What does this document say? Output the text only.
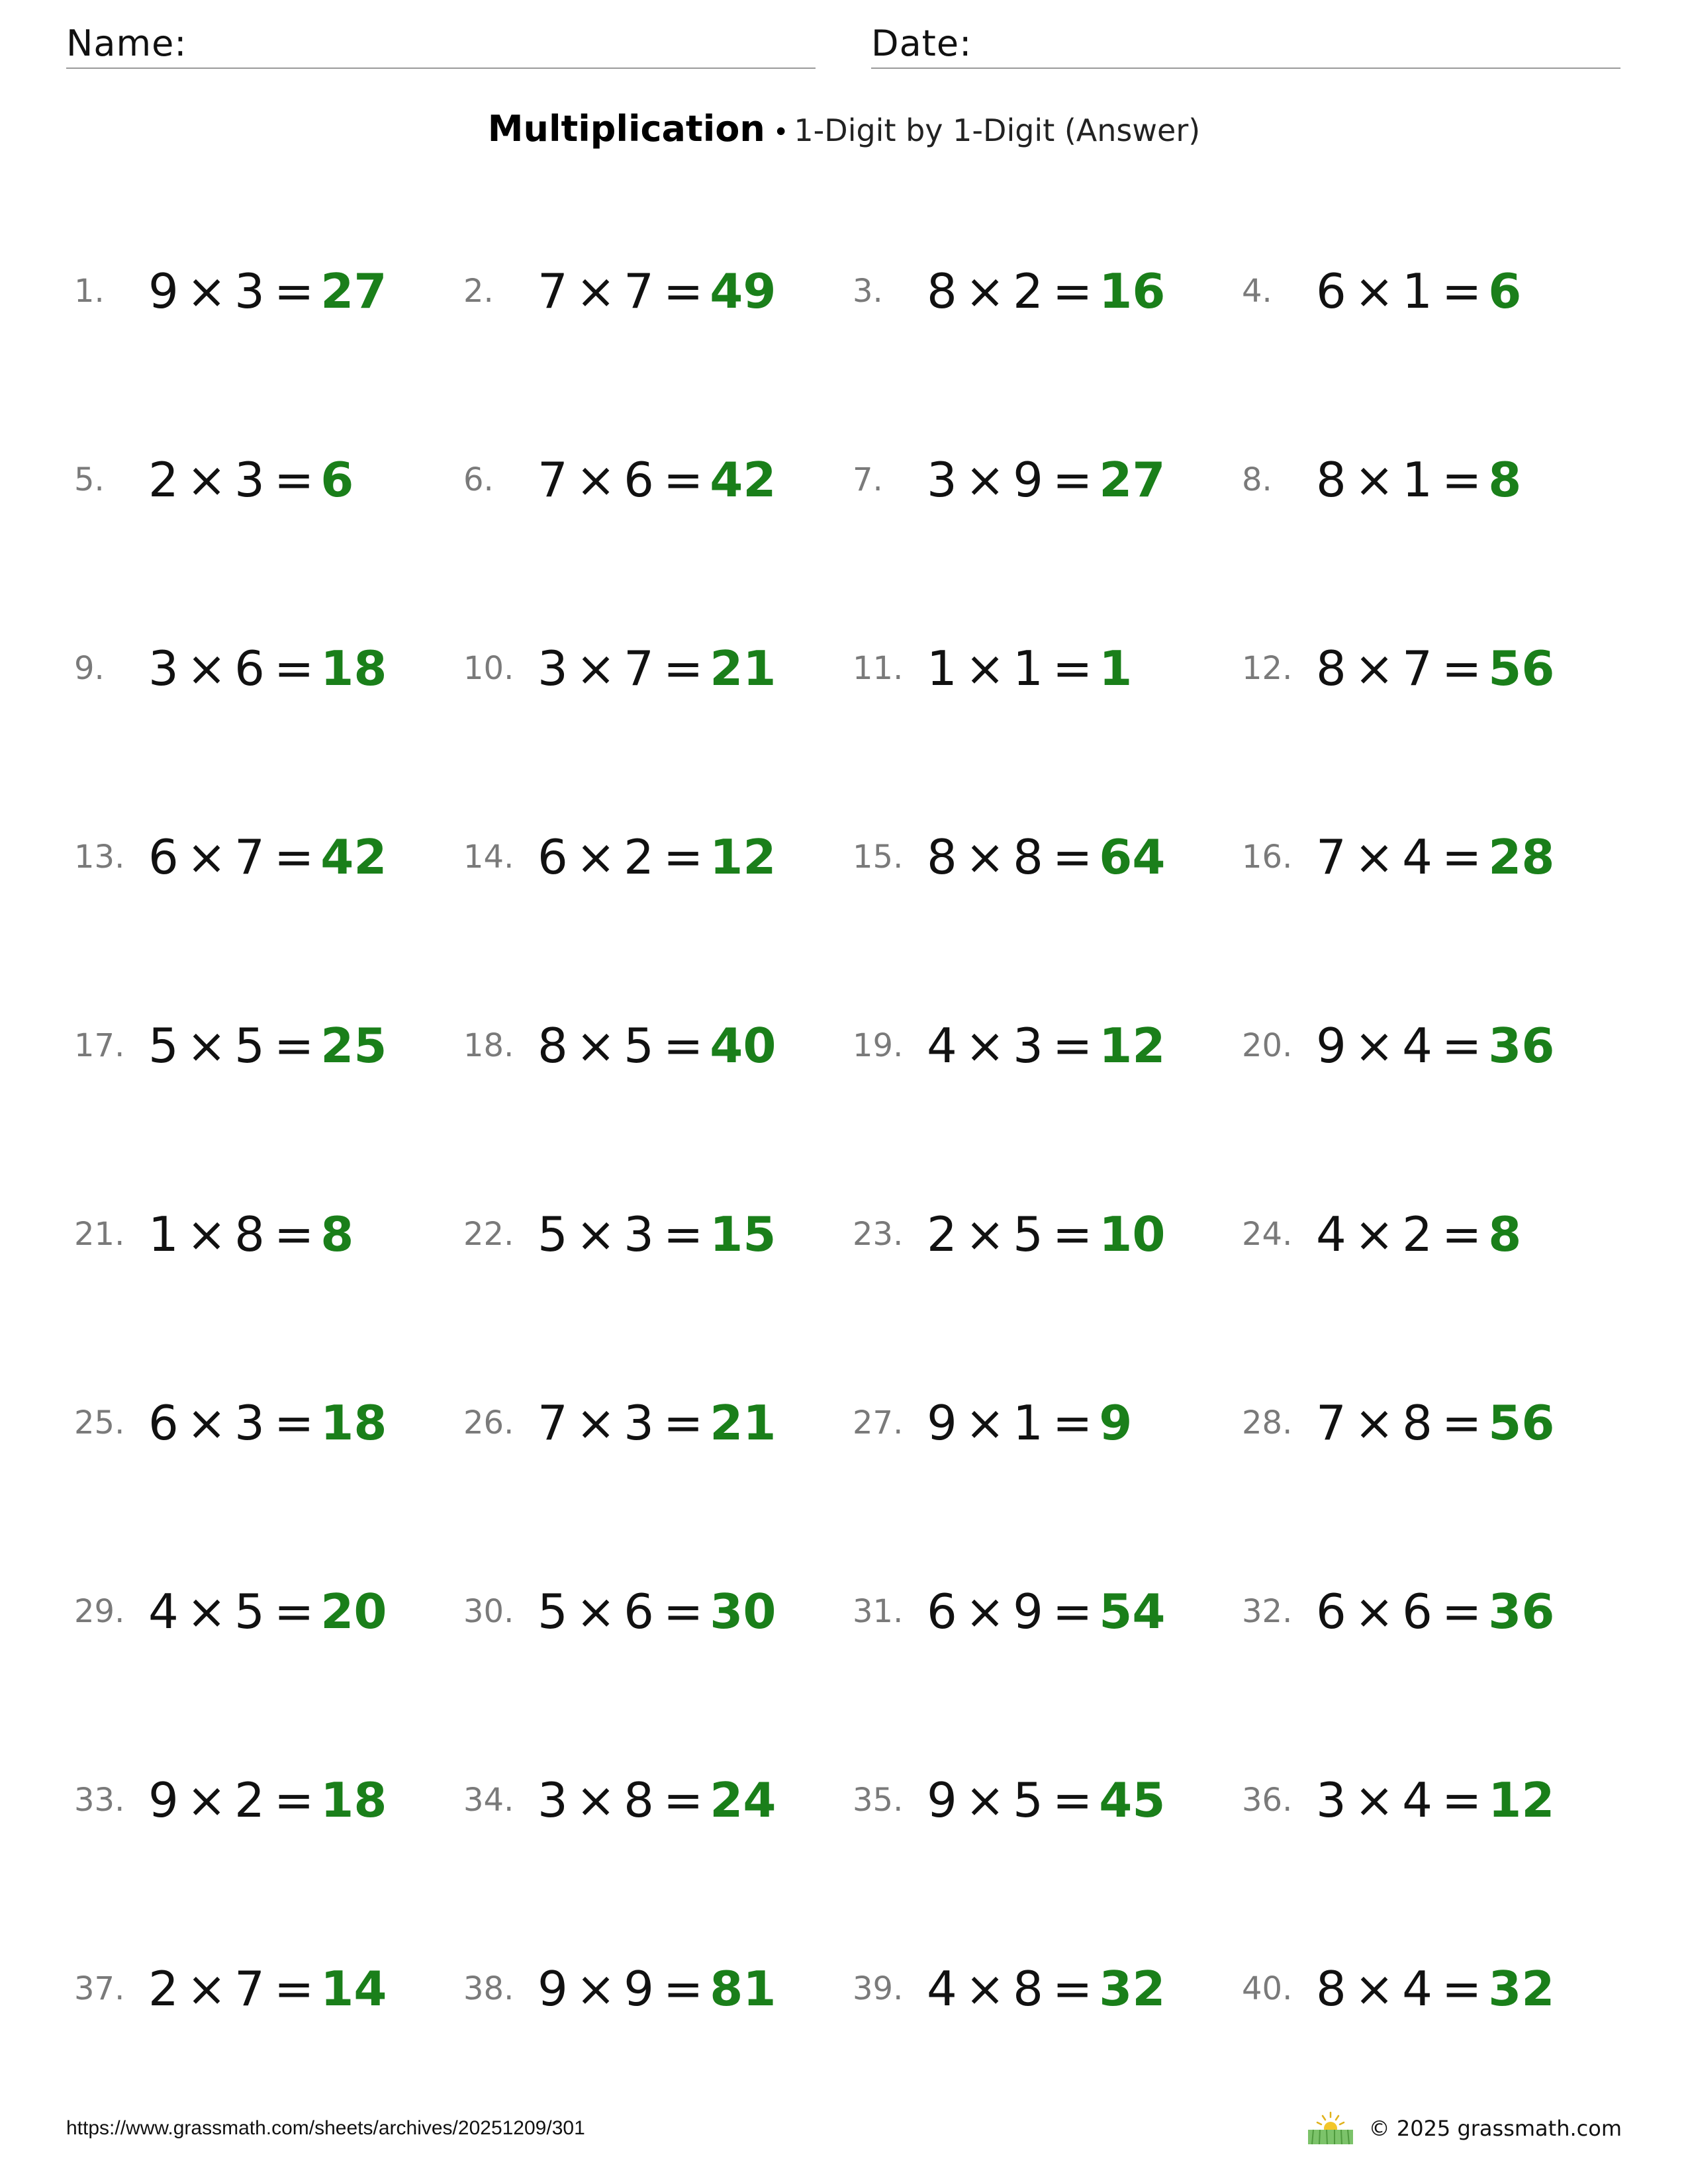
Name:	Date:
Multiplication • 1-Digit by 1-Digit (Answer)
1. 9 × 3 = 27 2. 7 × 7 = 49 3. 8 × 2 = 16 4. 6 × 1 = 6
5. 2 × 3 = 6	6. 7 × 6 = 42 7. 3 × 9 = 27 8. 8 × 1 = 8
9. 3 × 6 = 18 10. 3 × 7 = 21 11. 1 × 1 = 1	12. 8 × 7 = 56
13. 6 × 7 = 42 14. 6 × 2 = 12 15. 8 × 8 = 64 16. 7 × 4 = 28
17. 5 × 5 = 25 18. 8 × 5 = 40 19. 4 × 3 = 12 20. 9 × 4 = 36
21. 1 × 8 = 8	22. 5 × 3 = 15 23. 2 × 5 = 10 24. 4 × 2 = 8
25. 6 × 3 = 18 26. 7 × 3 = 21 27. 9 × 1 = 9	28. 7 × 8 = 56
29. 4 × 5 = 20 30. 5 × 6 = 30 31. 6 × 9 = 54 32. 6 × 6 = 36
33. 9 × 2 = 18 34. 3 × 8 = 24 35. 9 × 5 = 45 36. 3 × 4 = 12
37. 2 × 7 = 14 38. 9 × 9 = 81 39. 4 × 8 = 32 40. 8 × 4 = 32
https://www.grassmath.com/sheets/archives/20251209/301	© 2025 grassmath.com
